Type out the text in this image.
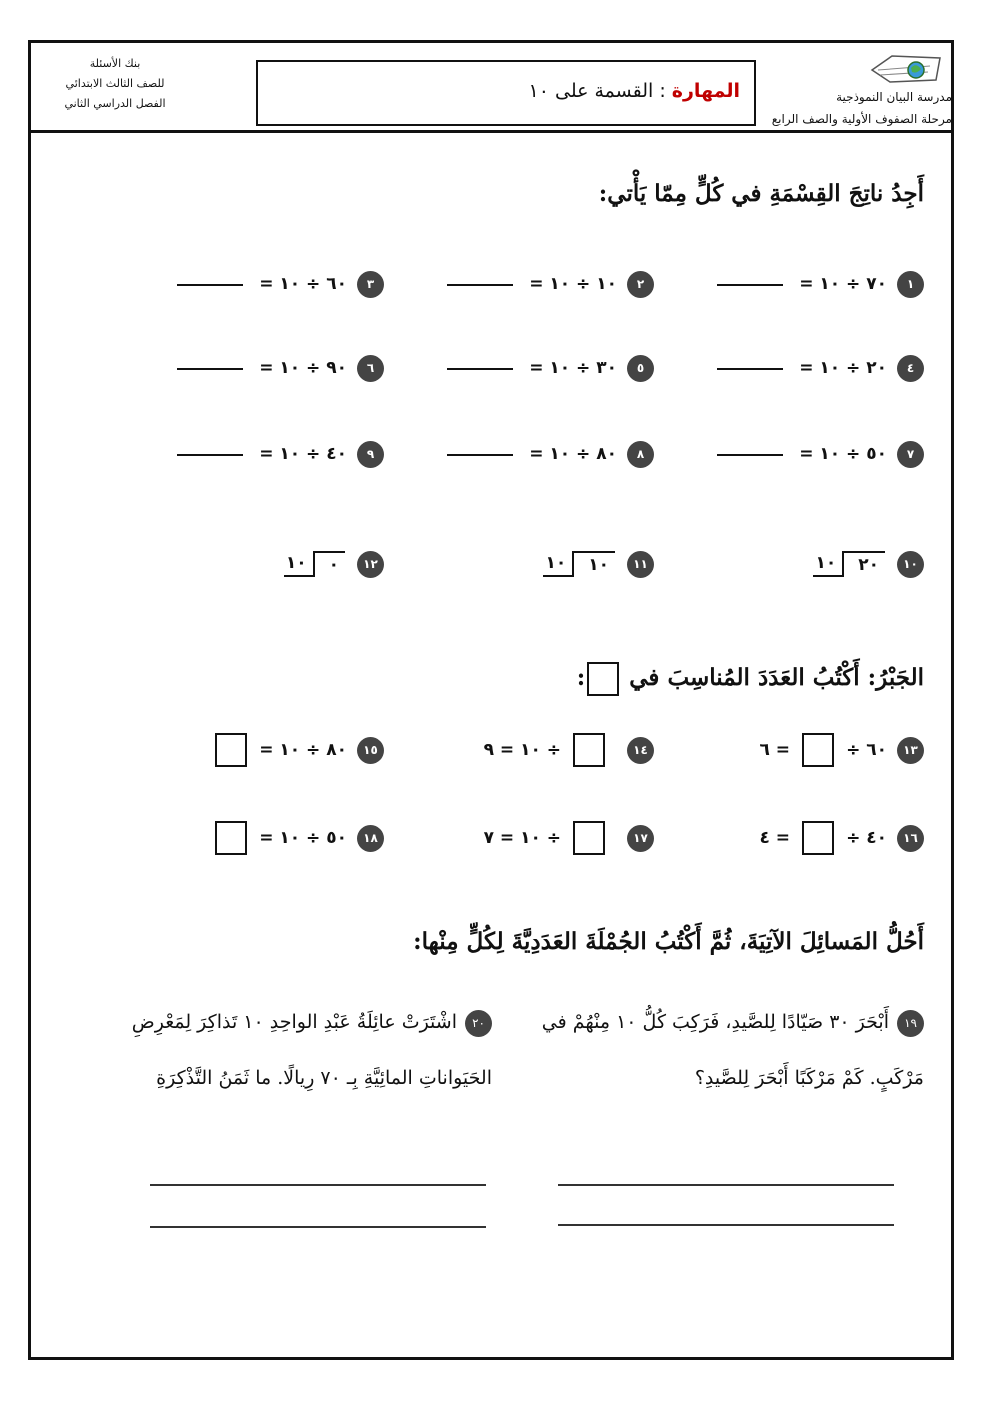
مدرسة البيان النموذجية
مرحلة الصفوف الأولية والصف الرابع
المهارة : القسمة على ١٠
بنك الأسئلة
للصف الثالث الابتدائي
الفصل الدراسي الثاني
أَجِدُ ناتِجَ القِسْمَةِ في كُلٍّ مِمّا يَأْتي:
١
٧٠ ÷ ١٠ =
٢
١٠ ÷ ١٠ =
٣
٦٠ ÷ ١٠ =
٤
٢٠ ÷ ١٠ =
٥
٣٠ ÷ ١٠ =
٦
٩٠ ÷ ١٠ =
٧
٥٠ ÷ ١٠ =
٨
٨٠ ÷ ١٠ =
٩
٤٠ ÷ ١٠ =
١٠
١٠	٢٠
١١
١٠	١٠
١٢
١٠	٠
الجَبْرُ: أَكْتُبُ العَدَدَ المُناسِبَ في :
١٣
٦٠ ÷
= ٦
١٤
÷ ١٠ = ٩
١٥
٨٠ ÷ ١٠ =
١٦
٤٠ ÷
= ٤
١٧
÷ ١٠ = ٧
١٨
٥٠ ÷ ١٠ =
أَحُلُّ المَسائِلَ الآتِيَةَ، ثُمَّ أَكْتُبُ الجُمْلَةَ العَدَدِيَّةَ لِكُلٍّ مِنْها:
١٩أَبْحَرَ ٣٠ صَيّادًا لِلصَّيدِ، فَرَكِبَ كُلُّ ١٠ مِنْهُمْ في مَرْكَبٍ. كَمْ مَرْكَبًا أَبْحَرَ لِلصَّيدِ؟
٢٠اشْتَرَتْ عائِلَةُ عَبْدِ الواحِدِ ١٠ تَذاكِرَ لِمَعْرِضِ الحَيَواناتِ المائِيَّةِ بِـ ٧٠ رِيالًا. ما ثَمَنُ التَّذْكِرَةِ
